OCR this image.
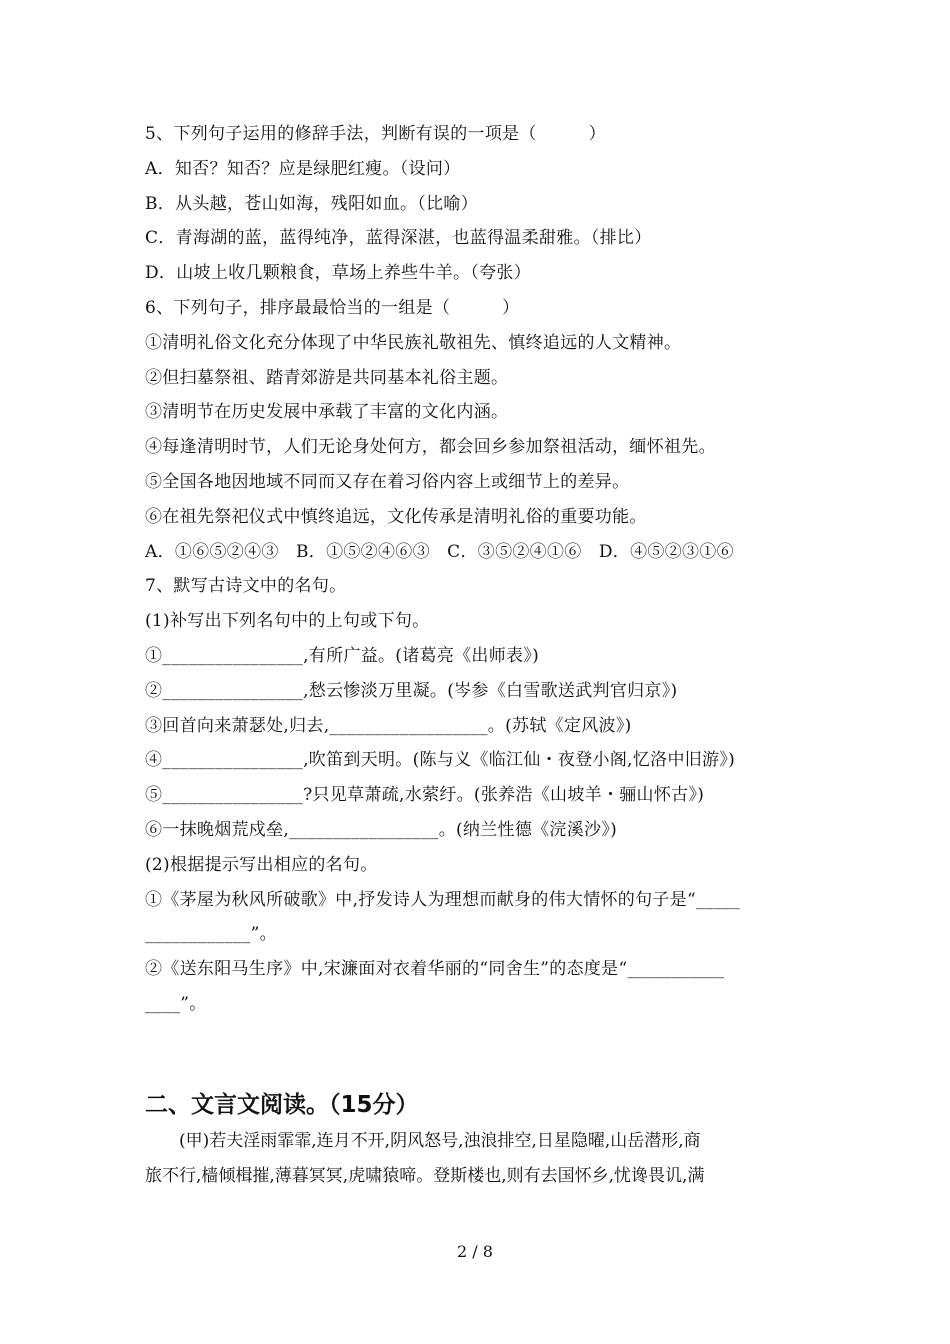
5、下列句子运用的修辞手法，判断有误的一项是（　　　）
A．知否？知否？应是绿肥红瘦。（设问）
B．从头越，苍山如海，残阳如血。（比喻）
C．青海湖的蓝，蓝得纯净，蓝得深湛，也蓝得温柔甜雅。（排比）
D．山坡上收几颗粮食，草场上养些牛羊。（夸张）
6、下列句子，排序最最恰当的一组是（　　　）
①清明礼俗文化充分体现了中华民族礼敬祖先、慎终追远的人文精神。
②但扫墓祭祖、踏青郊游是共同基本礼俗主题。
③清明节在历史发展中承载了丰富的文化内涵。
④每逢清明时节，人们无论身处何方，都会回乡参加祭祖活动，缅怀祖先。
⑤全国各地因地域不同而又存在着习俗内容上或细节上的差异。
⑥在祖先祭祀仪式中慎终追远，文化传承是清明礼俗的重要功能。
A．①⑥⑤②④③　B．①⑤②④⑥③　C．③⑤②④①⑥　D．④⑤②③①⑥
7、默写古诗文中的名句。
(1)补写出下列名句中的上句或下句。
①________________,有所广益。(诸葛亮《出师表》)
②________________,愁云惨淡万里凝。(岑参《白雪歌送武判官归京》)
③回首向来萧瑟处,归去,__________________。(苏轼《定风波》)
④________________,吹笛到天明。(陈与义《临江仙・夜登小阁,忆洛中旧游》)
⑤________________?只见草萧疏,水萦纡。(张养浩《山坡羊・骊山怀古》)
⑥一抹晚烟荒戍垒,_________________。(纳兰性德《浣溪沙》)
(2)根据提示写出相应的名句。
①《茅屋为秋风所破歌》中,抒发诗人为理想而献身的伟大情怀的句子是“_____
____________”。
②《送东阳马生序》中,宋濂面对衣着华丽的“同舍生”的态度是“___________
____”。
二、文言文阅读。（15分）
(甲)若夫淫雨霏霏,连月不开,阴风怒号,浊浪排空,日星隐曜,山岳潜形,商
旅不行,樯倾楫摧,薄暮冥冥,虎啸猿啼。登斯楼也,则有去国怀乡,忧谗畏讥,满
2 / 8
